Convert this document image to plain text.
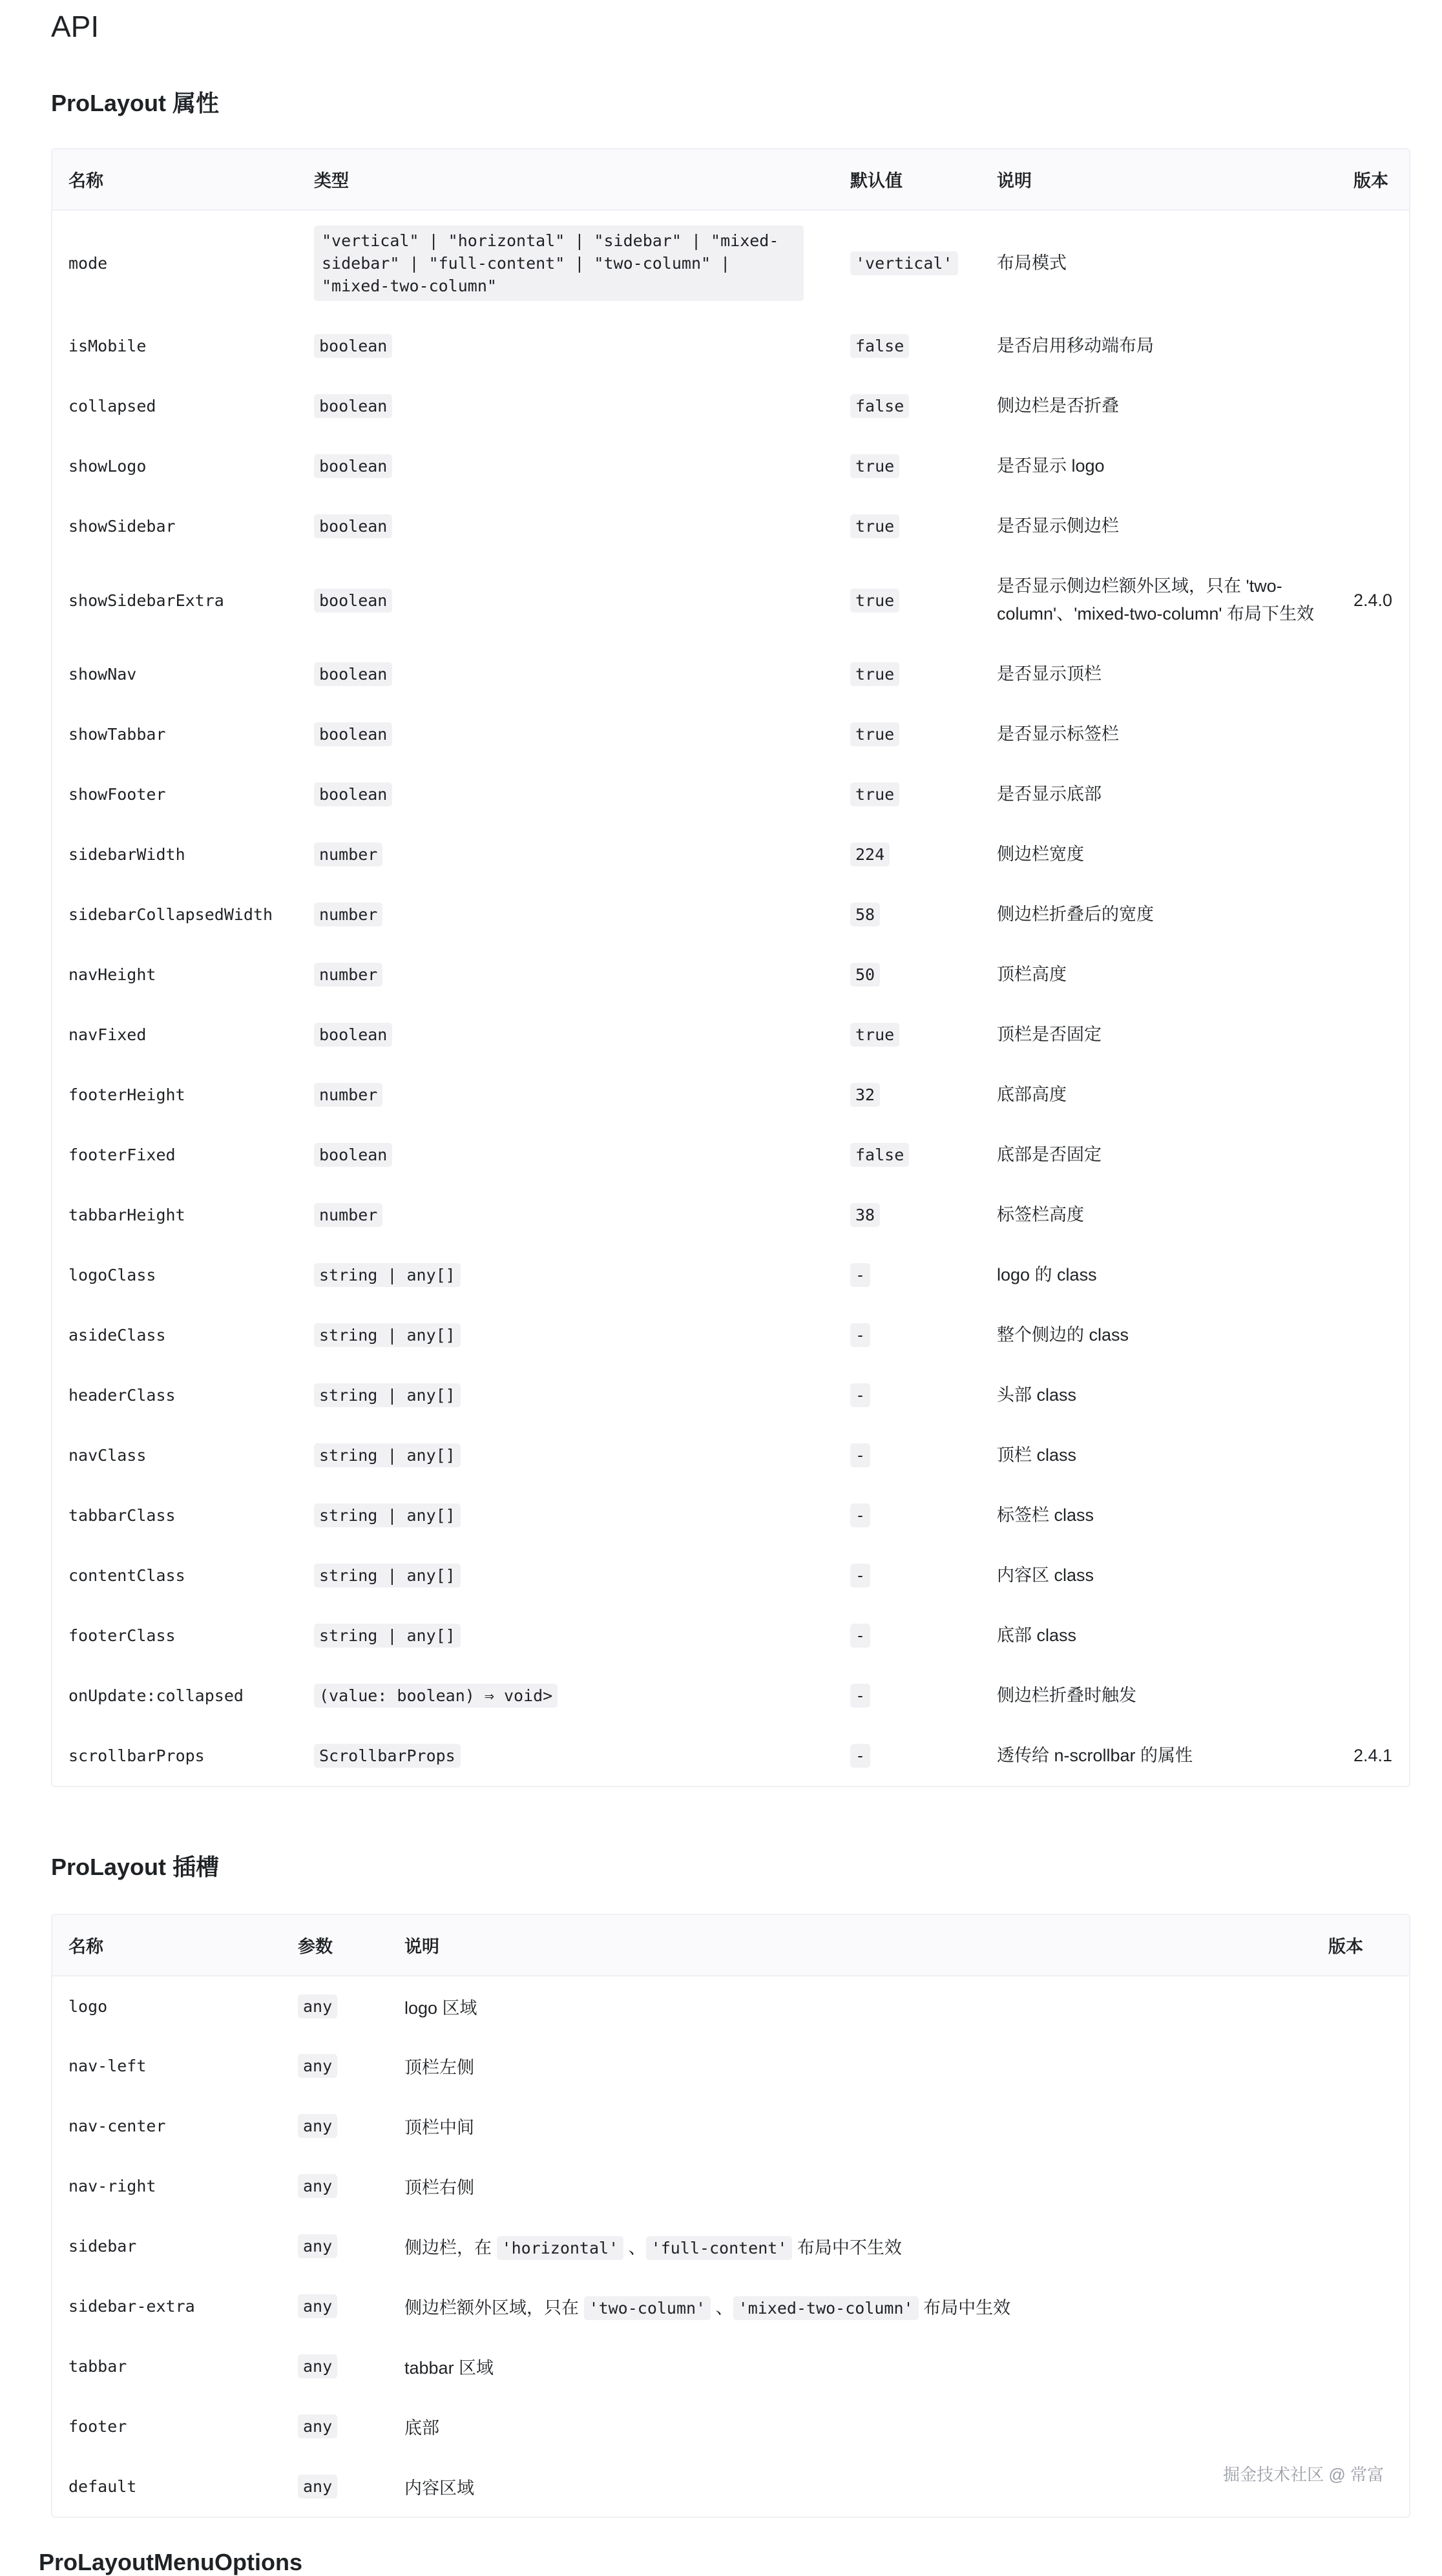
API
ProLayout 属性
名称	类型	默认值	说明	版本
mode	"vertical" | "horizontal" | "sidebar" | "mixed-sidebar" | "full-content" | "two-column" | "mixed-two-column"	'vertical'	布局模式	
isMobile	boolean	false	是否启用移动端布局	
collapsed	boolean	false	侧边栏是否折叠	
showLogo	boolean	true	是否显示 logo	
showSidebar	boolean	true	是否显示侧边栏	
showSidebarExtra	boolean	true	是否显示侧边栏额外区域，只在 'two-column'、'mixed-two-column' 布局下生效	2.4.0
showNav	boolean	true	是否显示顶栏	
showTabbar	boolean	true	是否显示标签栏	
showFooter	boolean	true	是否显示底部	
sidebarWidth	number	224	侧边栏宽度	
sidebarCollapsedWidth	number	58	侧边栏折叠后的宽度	
navHeight	number	50	顶栏高度	
navFixed	boolean	true	顶栏是否固定	
footerHeight	number	32	底部高度	
footerFixed	boolean	false	底部是否固定	
tabbarHeight	number	38	标签栏高度	
logoClass	string | any[]	-	logo 的 class	
asideClass	string | any[]	-	整个侧边的 class	
headerClass	string | any[]	-	头部 class	
navClass	string | any[]	-	顶栏 class	
tabbarClass	string | any[]	-	标签栏 class	
contentClass	string | any[]	-	内容区 class	
footerClass	string | any[]	-	底部 class	
onUpdate:collapsed	(value: boolean) ⇒ void>	-	侧边栏折叠时触发	
scrollbarProps	ScrollbarProps	-	透传给 n-scrollbar 的属性	2.4.1
ProLayout 插槽
名称	参数	说明	版本
logo	any	logo 区域	
nav-left	any	顶栏左侧	
nav-center	any	顶栏中间	
nav-right	any	顶栏右侧	
sidebar	any	侧边栏，在 'horizontal' 、 'full-content' 布局中不生效	
sidebar-extra	any	侧边栏额外区域，只在 'two-column' 、 'mixed-two-column' 布局中生效	
tabbar	any	tabbar 区域	
footer	any	底部	
default	any	内容区域	
ProLayoutMenuOptions
掘金技术社区 @ 常富
